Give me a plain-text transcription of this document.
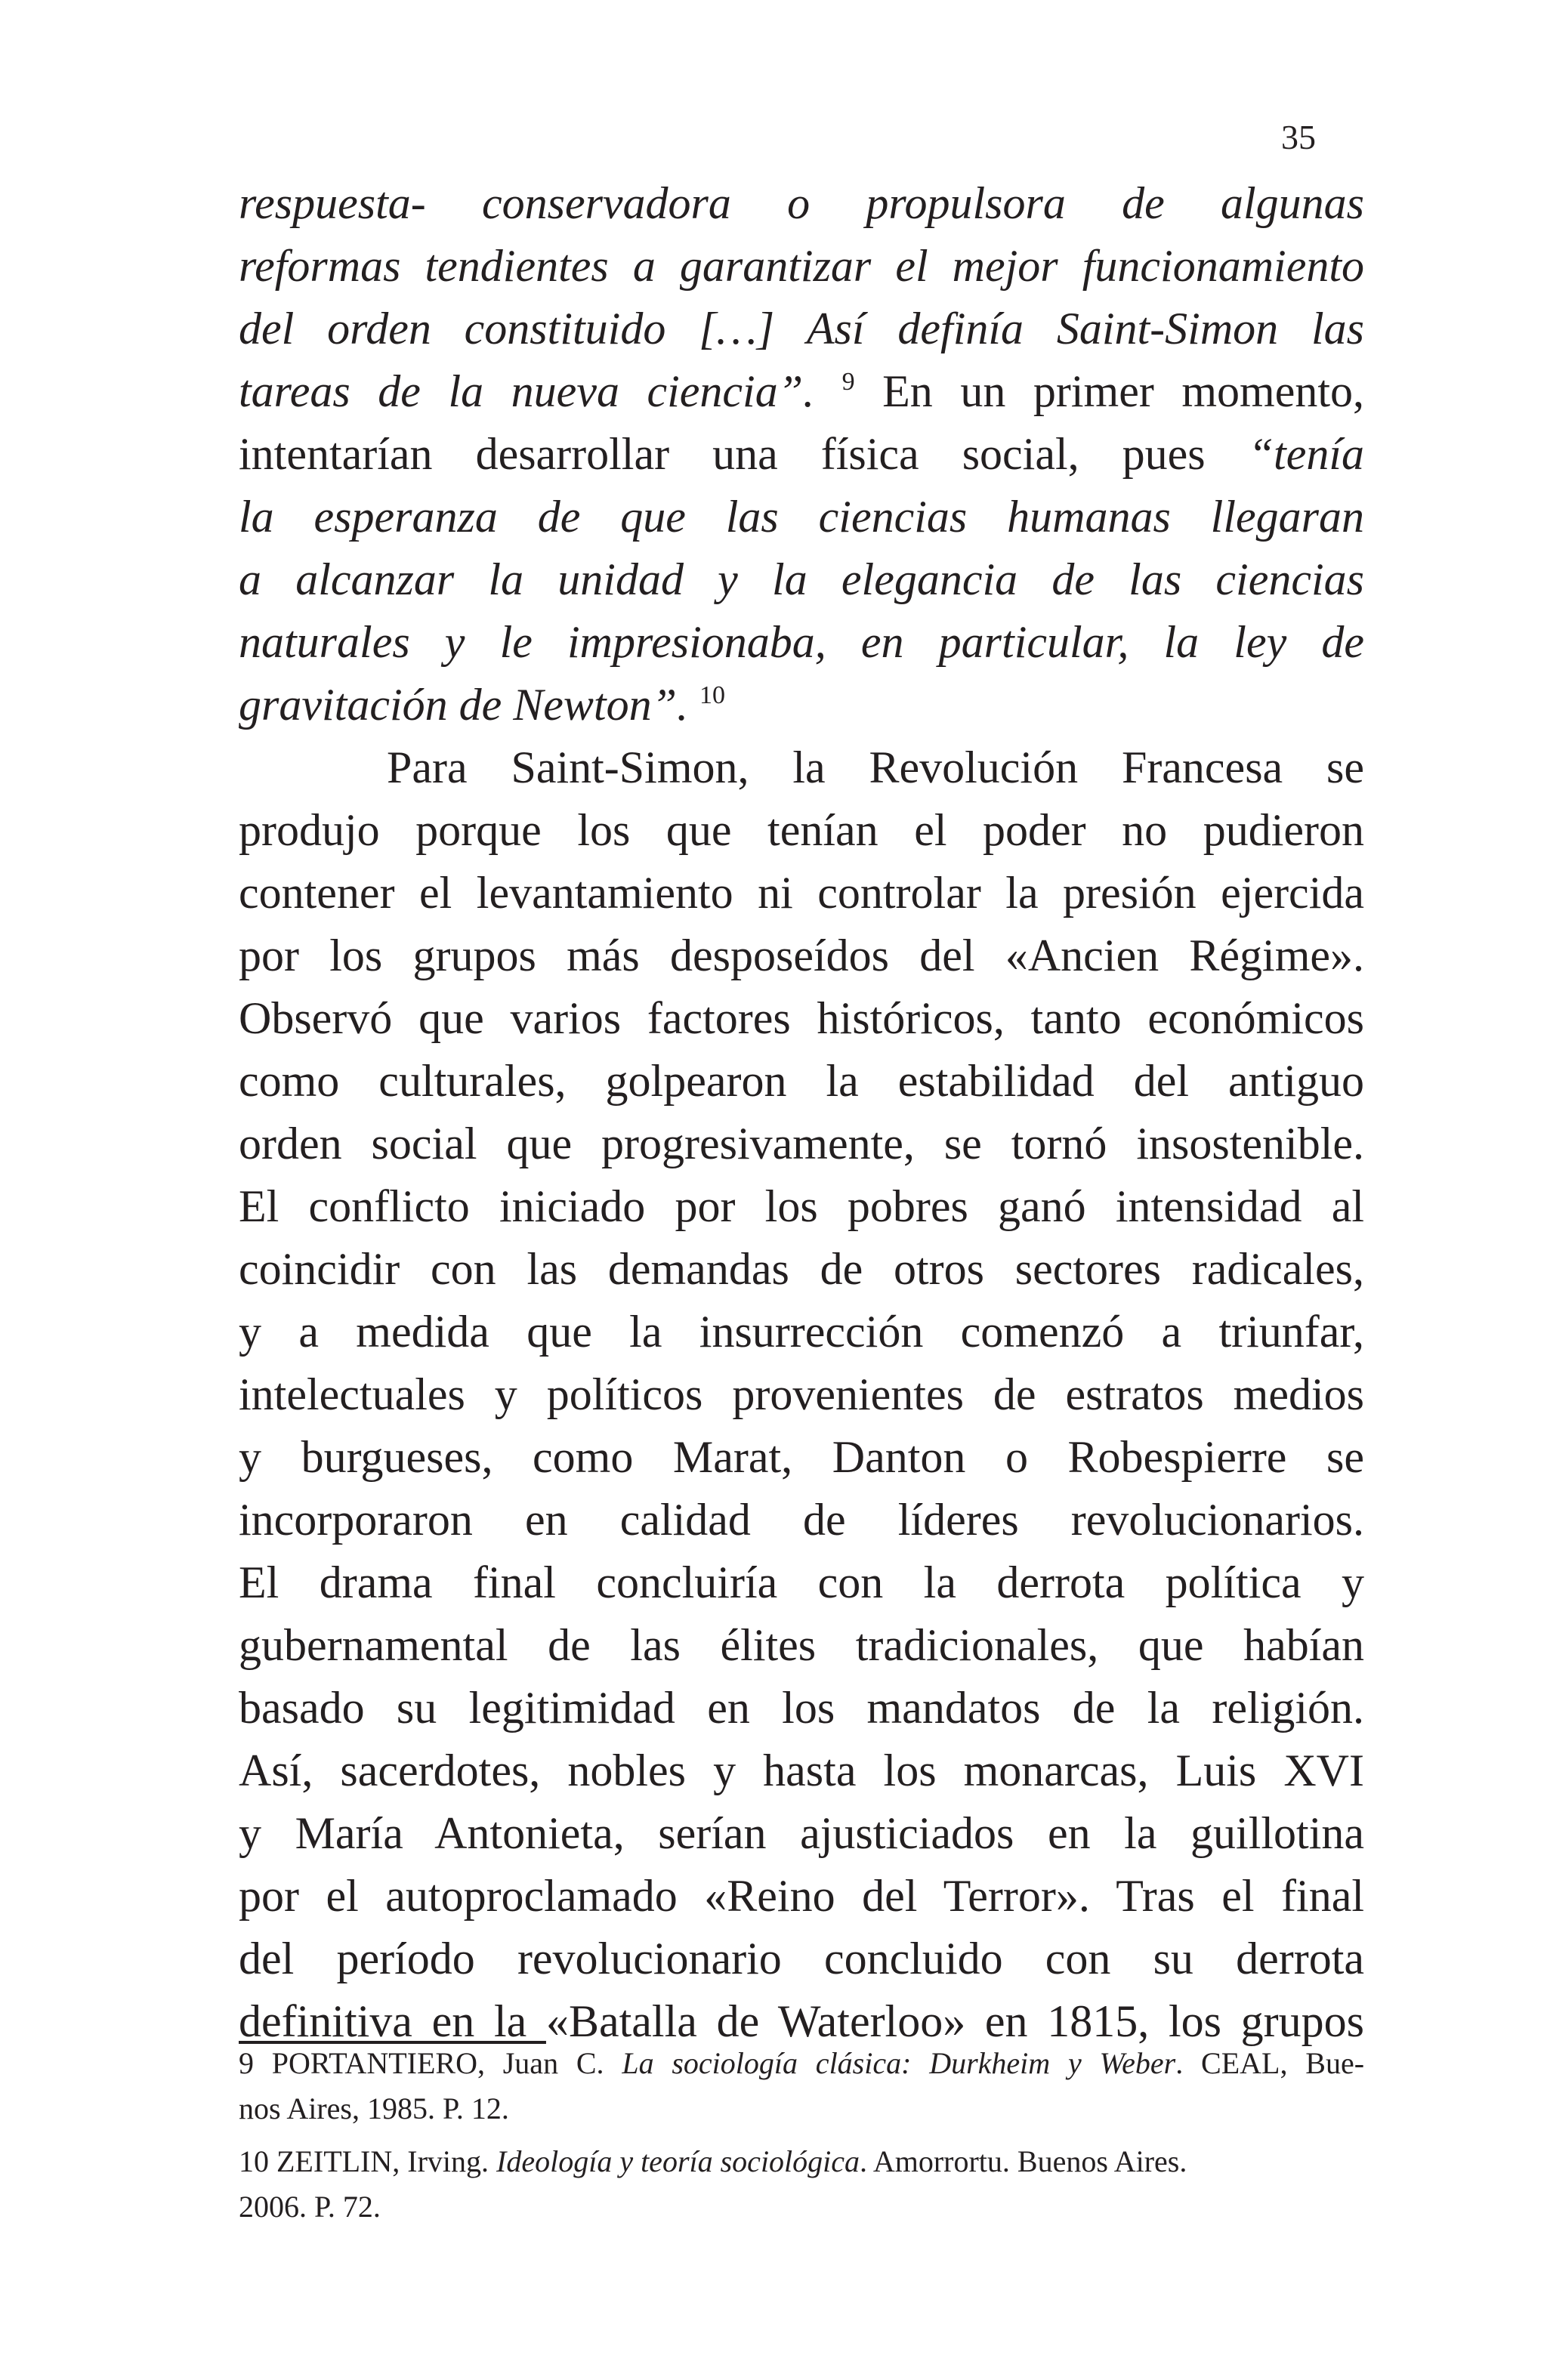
35
respuesta- conservadora o propulsora de algunas
reformas tendientes a garantizar el mejor funcionamiento
del orden constituido […] Así definía Saint-Simon las
tareas de la nueva ciencia”. $^9$ En un primer momento,
intentarían desarrollar una física social, pues “tenía
la esperanza de que las ciencias humanas llegaran
a alcanzar la unidad y la elegancia de las ciencias
naturales y le impresionaba, en particular, la ley de
gravitación de Newton”. $^{10}$
Para Saint-Simon, la Revolución Francesa se
produjo porque los que tenían el poder no pudieron
contener el levantamiento ni controlar la presión ejercida
por los grupos más desposeídos del «Ancien Régime».
Observó que varios factores históricos, tanto económicos
como culturales, golpearon la estabilidad del antiguo
orden social que progresivamente, se tornó insostenible.
El conflicto iniciado por los pobres ganó intensidad al
coincidir con las demandas de otros sectores radicales,
y a medida que la insurrección comenzó a triunfar,
intelectuales y políticos provenientes de estratos medios
y burgueses, como Marat, Danton o Robespierre se
incorporaron en calidad de líderes revolucionarios.
El drama final concluiría con la derrota política y
gubernamental de las élites tradicionales, que habían
basado su legitimidad en los mandatos de la religión.
Así, sacerdotes, nobles y hasta los monarcas, Luis XVI
y María Antonieta, serían ajusticiados en la guillotina
por el autoproclamado «Reino del Terror». Tras el final
del período revolucionario concluido con su derrota
definitiva en la «Batalla de Waterloo» en 1815, los grupos
9 PORTANTIERO, Juan C. La sociología clásica: Durkheim y Weber. CEAL, Bue-
nos Aires, 1985. P. 12.
10 ZEITLIN, Irving. Ideología y teoría sociológica. Amorrortu. Buenos Aires.
2006. P. 72.
